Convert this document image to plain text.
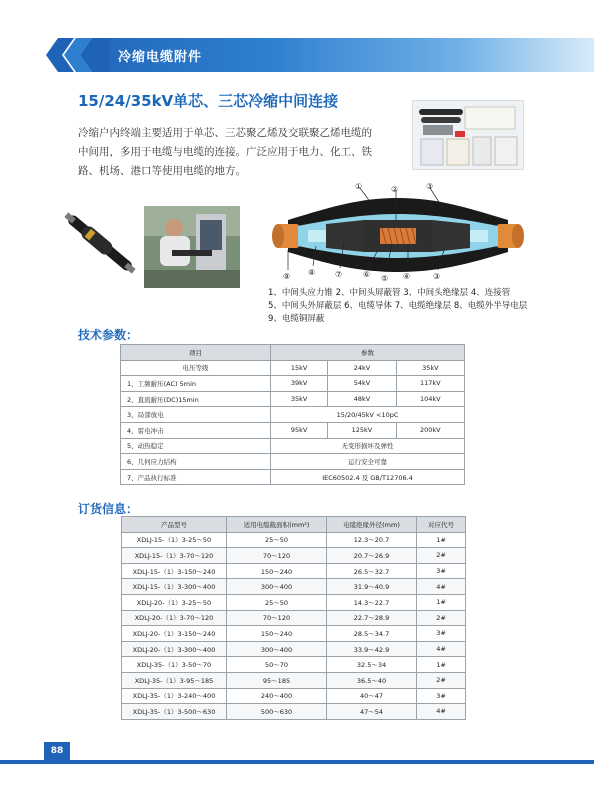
冷缩电缆附件
15/24/35kV单芯、三芯冷缩中间连接
冷缩户内终端主要适用于单芯、三芯聚乙烯及交联聚乙烯电缆的中间用，多用于电缆与电缆的连接。广泛应用于电力、化工、铁路、机场、港口等使用电缆的地方。
①	②	③
⑨ ⑧ ⑦	⑥ ⑤ ④	③
1、中间头应力锥 2、中间头屏蔽管 3、中间头绝缘层 4、连接管
5、中间头外屏蔽层 6、电缆导体 7、电缆绝缘层 8、电缆外半导电层
9、电缆铜屏蔽
技术参数：
项目	参数		
电压等级	15kV	24kV	35kV
1、工频耐压(AC) 5min	39kV	54kV	117kV
2、直流耐压(DC)15min	35kV	48kV	104kV
3、局部放电	15/20/45kV <10pC		
4、雷电冲击	95kV	125kV	200kV
5、动热稳定	无变形损坏及弹性		
6、几何应力结构	运行安全可靠		
7、产品执行标准	IEC60502.4 及 GB/T12706.4		
订货信息：
产品型号	适用电缆截面积(mm²)	电缆绝缘外径(mm)	对应代号
XDLJ-15-（1）3-25～50	25～50	12.3～20.7	1#
XDLJ-15-（1）3-70～120	70～120	20.7～26.9	2#
XDLJ-15-（1）3-150～240	150～240	26.5～32.7	3#
XDLJ-15-（1）3-300～400	300～400	31.9～40.9	4#
XDLJ-20-（1）3-25～50	25～50	14.3～22.7	1#
XDLJ-20-（1）3-70～120	70～120	22.7～28.9	2#
XDLJ-20-（1）3-150～240	150～240	28.5～34.7	3#
XDLJ-20-（1）3-300～400	300～400	33.9～42.9	4#
XDLJ-35-（1）3-50～70	50～70	32.5～34	1#
XDLJ-35-（1）3-95～185	95～185	36.5～40	2#
XDLJ-35-（1）3-240～400	240～400	40～47	3#
XDLJ-35-（1）3-500～630	500～630	47～54	4#
88
